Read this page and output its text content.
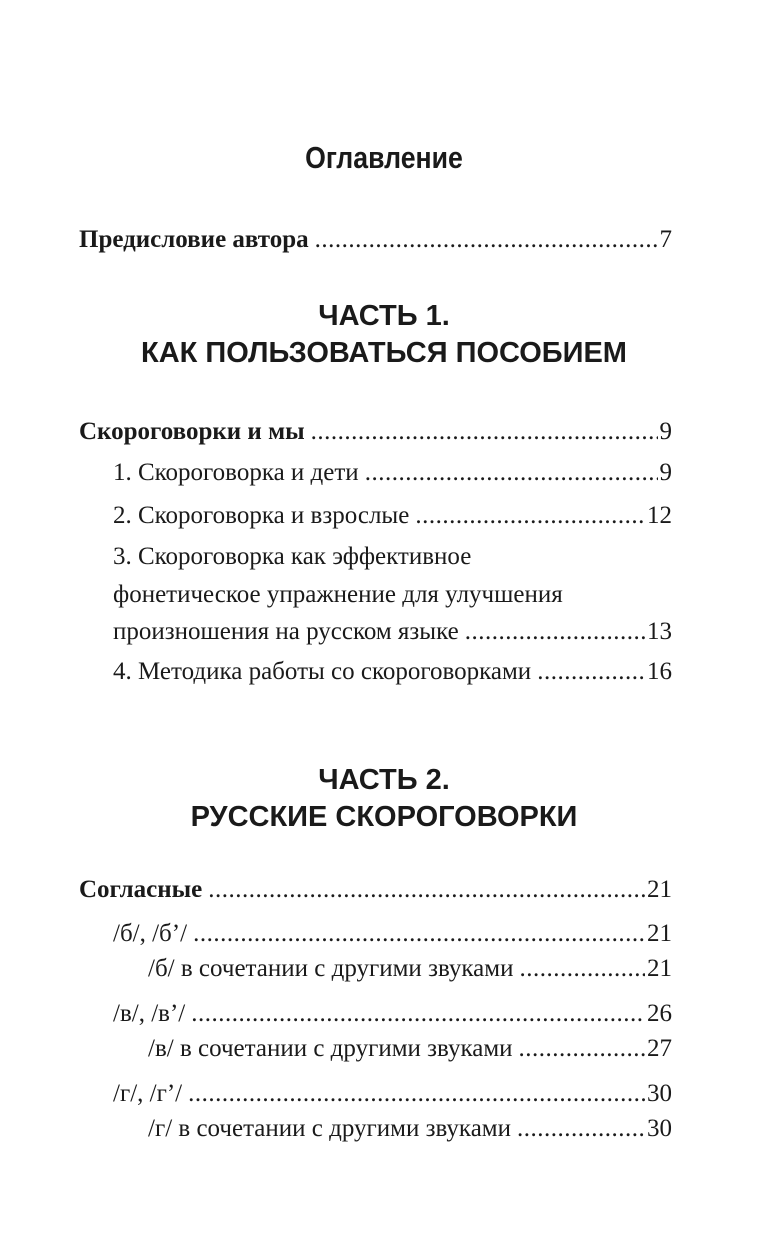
Оглавление
Предисловие автора .....	7
ЧАСТЬ 1.
КАК ПОЛЬЗОВАТЬСЯ ПОСОБИЕМ
Скороговорки и мы .....	9
1. Скороговорка и дети .....	9
2. Скороговорка и взрослые .....	12
3. Скороговорка как эффективное
фонетическое упражнение для улучшения
произношения на русском языке .....	13
4. Методика работы со скороговорками .....	16
ЧАСТЬ 2.
РУССКИЕ СКОРОГОВОРКИ
Согласные .....	21
/б/, /б’/ .....	21
/б/ в сочетании с другими звуками .....	21
/в/, /в’/ .....	26
/в/ в сочетании с другими звуками .....	27
/г/, /г’/ .....	30
/г/ в сочетании с другими звуками .....	30
